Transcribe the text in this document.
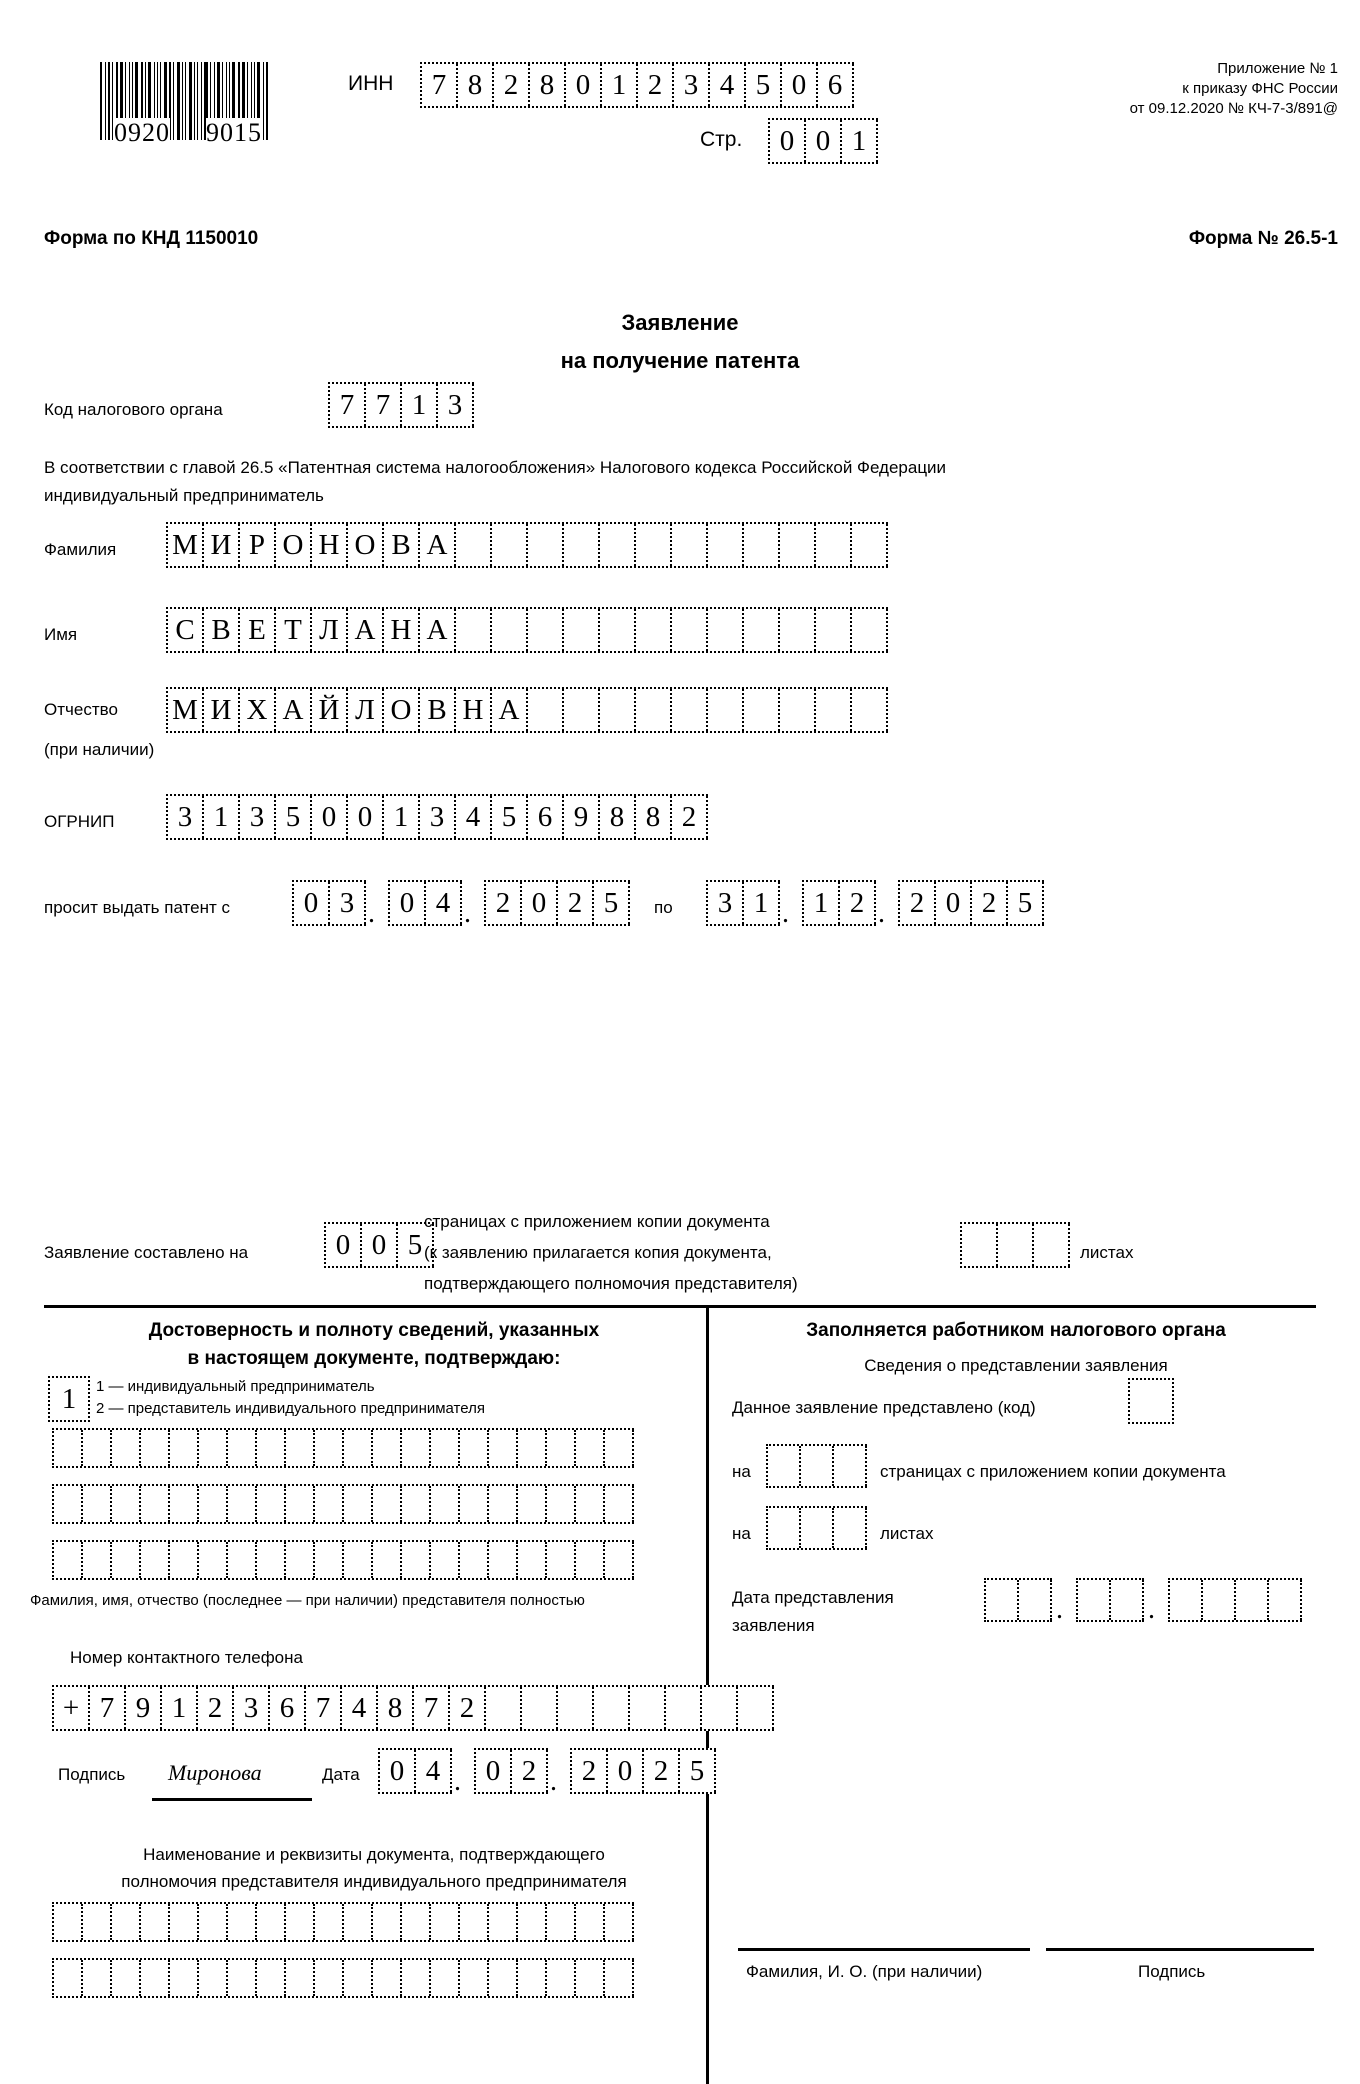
0920 9015
ИНН	7 8 2 8 0 1 2 3 4 5 0 6
Стр.	0 0 1
Приложение № 1
к приказу ФНС России
от 09.12.2020 № КЧ-7-3/891@
Форма по КНД 1150010	Форма № 26.5-1
Заявление
на получение патента
Код налогового органа	7 7 1 3
В соответствии с главой 26.5 «Патентная система налогообложения» Налогового кодекса Российской Федерации
индивидуальный предприниматель
Фамилия М И Р О Н О В А
Имя	С В Е Т Л А Н А
Отчество
(при наличии)
М И Х А Й Л О В Н А
ОГРНИП	3 1 3 5 0 0 1 3 4 5 6 9 8 8 2
просит выдать патент с	0 3 . 0 4 . 2 0 2 5	по	3 1 . 1 2 . 2 0 2 5
Заявление составлено на	0 0 5
страницах с приложением копии документа
(к заявлению прилагается копия документа,
подтверждающего полномочия представителя)
листах
Достоверность и полноту сведений, указанных
в настоящем документе, подтверждаю:
1	1 — индивидуальный предприниматель
2 — представитель индивидуального предпринимателя
Фамилия, имя, отчество (последнее — при наличии) представителя полностью
Номер контактного телефона
+ 7 9 1 2 3 6 7 4 8 7 2
Подпись Миронова	Дата	0 4 . 0 2 . 2 0 2 5
Наименование и реквизиты документа, подтверждающего
полномочия представителя индивидуального предпринимателя
Заполняется работником налогового органа
Сведения о представлении заявления
Данное заявление представлено (код)
на	страницах с приложением копии документа
на	листах
Дата представления
заявления
.	.
Фамилия, И. О. (при наличии)	Подпись
